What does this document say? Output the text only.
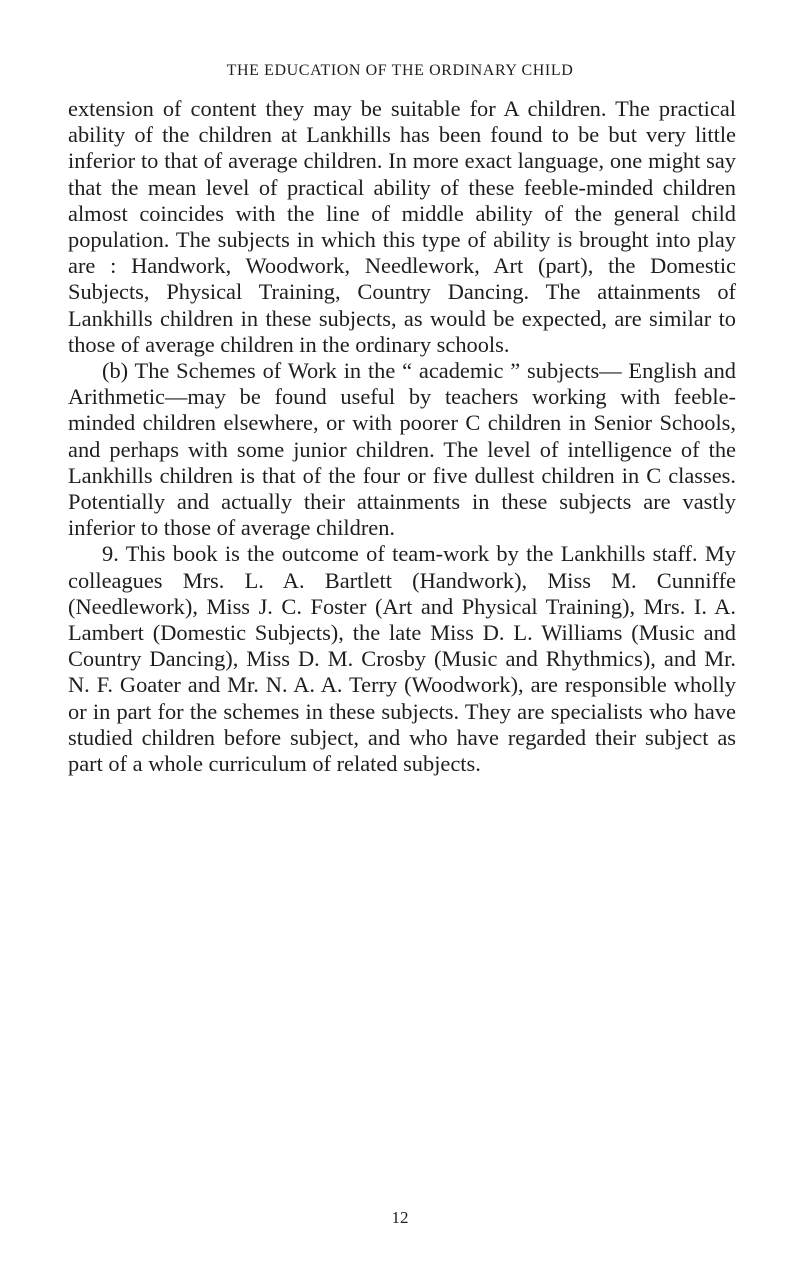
THE EDUCATION OF THE ORDINARY CHILD

extension of content they may be suitable for A children. The practical ability of the children at Lankhills has been found to be but very little inferior to that of average children. In more exact language, one might say that the mean level of practical ability of these feeble-minded children almost coincides with the line of middle ability of the general child population. The subjects in which this type of ability is brought into play are : Handwork, Woodwork, Needlework, Art (part), the Domestic Subjects, Physical Training, Country Dancing. The attainments of Lankhills children in these subjects, as would be expected, are similar to those of average children in the ordinary schools.

(b) The Schemes of Work in the “ academic ” subjects— English and Arithmetic—may be found useful by teachers working with feeble-minded children elsewhere, or with poorer C children in Senior Schools, and perhaps with some junior children. The level of intelligence of the Lankhills children is that of the four or five dullest children in C classes. Potentially and actually their attainments in these subjects are vastly inferior to those of average children.

9. This book is the outcome of team-work by the Lankhills staff. My colleagues Mrs. L. A. Bartlett (Handwork), Miss M. Cunniffe (Needlework), Miss J. C. Foster (Art and Physical Training), Mrs. I. A. Lambert (Domestic Subjects), the late Miss D. L. Williams (Music and Country Dancing), Miss D. M. Crosby (Music and Rhythmics), and Mr. N. F. Goater and Mr. N. A. A. Terry (Woodwork), are responsible wholly or in part for the schemes in these subjects. They are specialists who have studied children before subject, and who have regarded their subject as part of a whole curriculum of related subjects.

12
